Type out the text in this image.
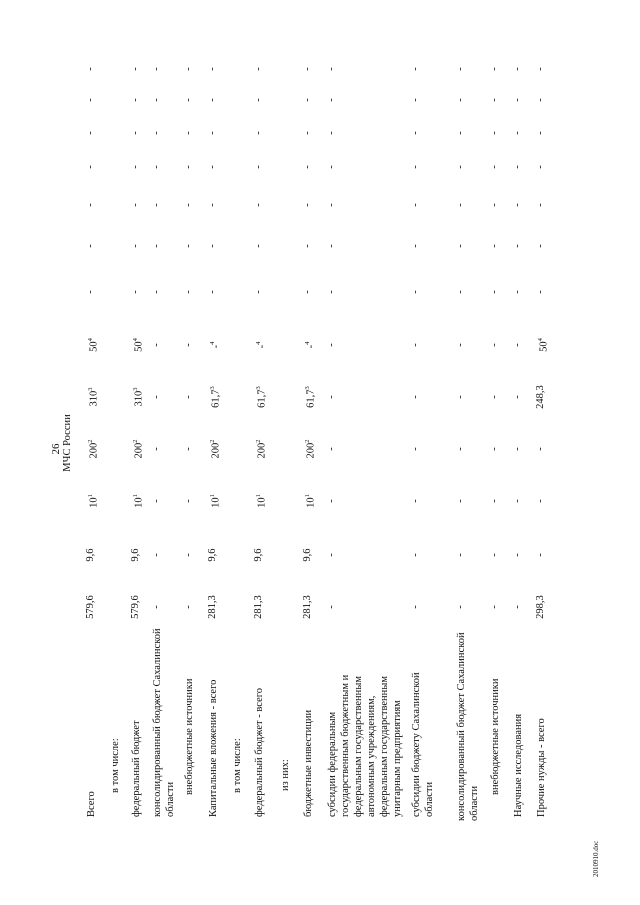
26 МЧС России
2010910.doc
Всего
579,6
9,6
$10^1$
$200^2$
$310^3$
$50^4$
-
-
-
-
-
-
-
в том числе: федеральный бюджет
579,6
9,6
$10^1$
$200^2$
$310^3$
$50^4$
-
-
-
-
-
-
-
консолидированный бюджет Сахалинской области
-
-
-
-
-
-
-
-
-
-
-
-
-
внебюджетные источники
-
-
-
-
-
-
-
-
-
-
-
-
-
Капитальные вложения - всего
281,3
9,6
$10^1$
$200^2$
61,7$^3$
-$^4$
-
-
-
-
-
-
-
в том числе: федеральный бюджет - всего
281,3
9,6
$10^1$
$200^2$
61,7$^3$
-$^4$
-
-
-
-
-
-
-
из них: бюджетные инвестиции
281,3
9,6
$10^1$
$200^2$
61,7$^3$
-$^4$
-
-
-
-
-
-
-
субсидии федеральным государственным бюджетным и федеральным государственным автономным учреждениям, федеральным государственным унитарным предприятиям
-
-
-
-
-
-
-
-
-
-
-
-
-
субсидии бюджету Сахалинской области
-
-
-
-
-
-
-
-
-
-
-
-
-
консолидированный бюджет Сахалинской области
-
-
-
-
-
-
-
-
-
-
-
-
-
внебюджетные источники
-
-
-
-
-
-
-
-
-
-
-
-
-
Научные исследования
-
-
-
-
-
-
-
-
-
-
-
-
-
Прочие нужды - всего
298,3
-
-
-
248,3
$50^4$
-
-
-
-
-
-
-
